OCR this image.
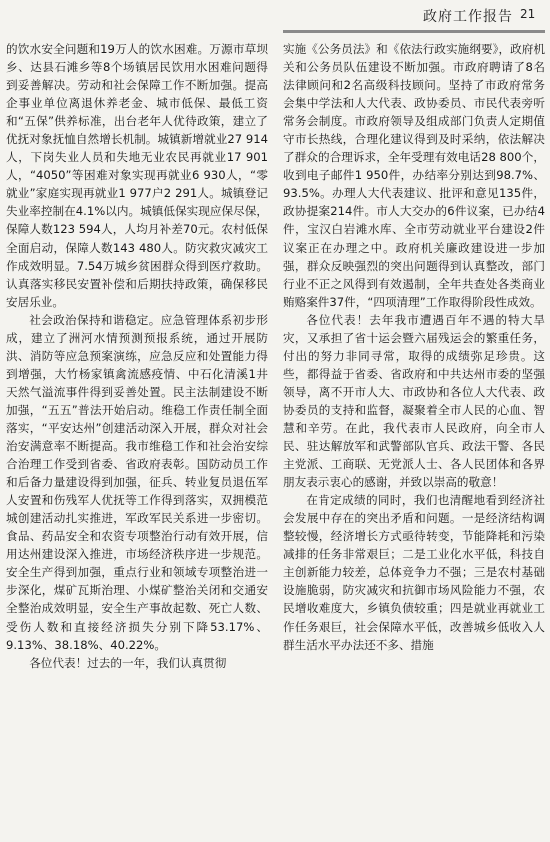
政府工作报告 21

的饮水安全问题和19万人的饮水困难。万源市草坝乡、达县石滩乡等8个场镇居民饮用水困难问题得到妥善解决。劳动和社会保障工作不断加强。提高企事业单位离退休养老金、城市低保、最低工资和“五保”供养标准，出台老年人优待政策，建立了优抚对象抚恤自然增长机制。城镇新增就业27 914人，下岗失业人员和失地无业农民再就业17 901人，“4050”等困难对象实现再就业6 930人，“零就业”家庭实现再就业1 977户2 291人。城镇登记失业率控制在4.1%以内。城镇低保实现应保尽保，保障人数123 594人，人均月补差70元。农村低保全面启动，保障人数143 480人。防灾救灾减灾工作成效明显。7.54万城乡贫困群众得到医疗救助。认真落实移民安置补偿和后期扶持政策，确保移民安居乐业。

社会政治保持和谐稳定。应急管理体系初步形成，建立了洲河水情预测预报系统，通过开展防洪、消防等应急预案演练，应急反应和处置能力得到增强，大竹杨家镇禽流感疫情、中石化清溪1井天然气溢流事件得到妥善处置。民主法制建设不断加强，“五五”普法开始启动。维稳工作责任制全面落实，“平安达州”创建活动深入开展，群众对社会治安满意率不断提高。我市维稳工作和社会治安综合治理工作受到省委、省政府表彰。国防动员工作和后备力量建设得到加强，征兵、转业复员退伍军人安置和伤残军人优抚等工作得到落实，双拥模范城创建活动扎实推进，军政军民关系进一步密切。食品、药品安全和农资专项整治行动有效开展，信用达州建设深入推进，市场经济秩序进一步规范。安全生产得到加强，重点行业和领域专项整治进一步深化，煤矿瓦斯治理、小煤矿整治关闭和交通安全整治成效明显，安全生产事故起数、死亡人数、受伤人数和直接经济损失分别下降53.17%、9.13%、38.18%、40.22%。

各位代表！过去的一年，我们认真贯彻

实施《公务员法》和《依法行政实施纲要》，政府机关和公务员队伍建设不断加强。市政府聘请了8名法律顾问和2名高级科技顾问。坚持了市政府常务会集中学法和人大代表、政协委员、市民代表旁听常务会制度。市政府领导及组成部门负责人定期值守市长热线，合理化建议得到及时采纳，依法解决了群众的合理诉求，全年受理有效电话28 800个，收到电子邮件1 950件，办结率分别达到98.7%、93.5%。办理人大代表建议、批评和意见135件，政协提案214件。市人大交办的6件议案，已办结4件，宝汉白岩滩水库、全市劳动就业平台建设2件议案正在办理之中。政府机关廉政建设进一步加强，群众反映强烈的突出问题得到认真整改，部门行业不正之风得到有效遏制，全年共查处各类商业贿赂案件37件，“四项清理”工作取得阶段性成效。

各位代表！去年我市遭遇百年不遇的特大旱灾，又承担了省十运会暨六届残运会的繁重任务，付出的努力非同寻常，取得的成绩弥足珍贵。这些，都得益于省委、省政府和中共达州市委的坚强领导，离不开市人大、市政协和各位人大代表、政协委员的支持和监督，凝聚着全市人民的心血、智慧和辛劳。在此，我代表市人民政府，向全市人民、驻达解放军和武警部队官兵、政法干警、各民主党派、工商联、无党派人士、各人民团体和各界朋友表示衷心的感谢，并致以崇高的敬意！

在肯定成绩的同时，我们也清醒地看到经济社会发展中存在的突出矛盾和问题。一是经济结构调整较慢，经济增长方式亟待转变，节能降耗和污染减排的任务非常艰巨；二是工业化水平低，科技自主创新能力较差，总体竞争力不强；三是农村基础设施脆弱，防灾减灾和抗御市场风险能力不强，农民增收难度大，乡镇负债较重；四是就业再就业工作任务艰巨，社会保障水平低，改善城乡低收入人群生活水平办法还不多、措施
